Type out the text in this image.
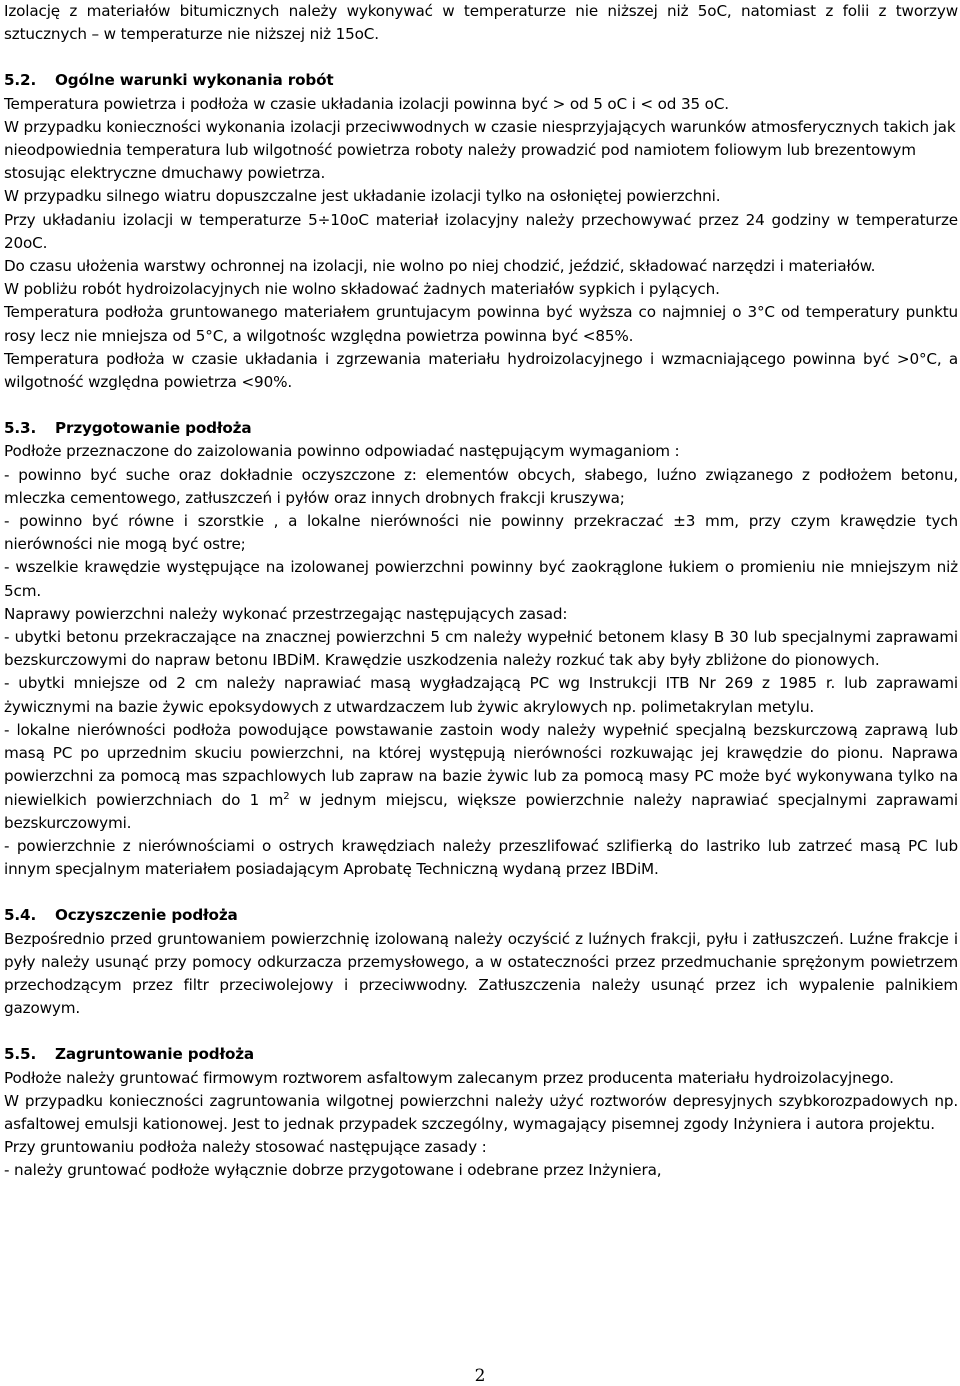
Izolację z materiałów bitumicznych należy wykonywać w temperaturze nie niższej niż 5oC, natomiast z folii z tworzyw sztucznych – w temperaturze nie niższej niż 15oC.

5.2. Ogólne warunki wykonania robót

Temperatura powietrza i podłoża w czasie układania izolacji powinna być > od 5 oC i < od 35 oC.

W przypadku konieczności wykonania izolacji przeciwwodnych w czasie niesprzyjających warunków atmosferycznych takich jak nieodpowiednia temperatura lub wilgotność powietrza roboty należy prowadzić pod namiotem foliowym lub brezentowym stosując elektryczne dmuchawy powietrza.

W przypadku silnego wiatru dopuszczalne jest układanie izolacji tylko na osłoniętej powierzchni.

Przy układaniu izolacji w temperaturze 5÷10oC materiał izolacyjny należy przechowywać przez 24 godziny w temperaturze 20oC.

Do czasu ułożenia warstwy ochronnej na izolacji, nie wolno po niej chodzić, jeździć, składować narzędzi i materiałów.

W pobliżu robót hydroizolacyjnych nie wolno składować żadnych materiałów sypkich i pylących.

Temperatura podłoża gruntowanego materiałem gruntujacym powinna być wyższa co najmniej o 3°C od temperatury punktu rosy lecz nie mniejsza od 5°C, a wilgotnośc względna powietrza powinna być <85%.

Temperatura podłoża w czasie układania i zgrzewania materiału hydroizolacyjnego i wzmacniającego powinna być >0°C, a wilgotność względna powietrza <90%.

5.3. Przygotowanie podłoża

Podłoże przeznaczone do zaizolowania powinno odpowiadać następującym wymaganiom :

- powinno być suche oraz dokładnie oczyszczone z: elementów obcych, słabego, luźno związanego z podłożem betonu, mleczka cementowego, zatłuszczeń i pyłów oraz innych drobnych frakcji kruszywa;

- powinno być równe i szorstkie , a lokalne nierówności nie powinny przekraczać ±3 mm, przy czym krawędzie tych nierówności nie mogą być ostre;

- wszelkie krawędzie występujące na izolowanej powierzchni powinny być zaokrąglone łukiem o promieniu nie mniejszym niż 5cm.

Naprawy powierzchni należy wykonać przestrzegając następujących zasad:

- ubytki betonu przekraczające na znacznej powierzchni 5 cm należy wypełnić betonem klasy B 30 lub specjalnymi zaprawami bezskurczowymi do napraw betonu IBDiM. Krawędzie uszkodzenia należy rozkuć tak aby były zbliżone do pionowych.

- ubytki mniejsze od 2 cm należy naprawiać masą wygładzającą PC wg Instrukcji ITB Nr 269 z 1985 r. lub zaprawami żywicznymi na bazie żywic epoksydowych z utwardzaczem lub żywic akrylowych np. polimetakrylan metylu.

- lokalne nierówności podłoża powodujące powstawanie zastoin wody należy wypełnić specjalną bezskurczową zaprawą lub masą PC po uprzednim skuciu powierzchni, na której występują nierówności rozkuwając jej krawędzie do pionu. Naprawa powierzchni za pomocą mas szpachlowych lub zapraw na bazie żywic lub za pomocą masy PC może być wykonywana tylko na niewielkich powierzchniach do 1 $m^2$ w jednym miejscu, większe powierzchnie należy naprawiać specjalnymi zaprawami bezskurczowymi.

- powierzchnie z nierównościami o ostrych krawędziach należy przeszlifować szlifierką do lastriko lub zatrzeć masą PC lub innym specjalnym materiałem posiadającym Aprobatę Techniczną wydaną przez IBDiM.

5.4. Oczyszczenie podłoża

Bezpośrednio przed gruntowaniem powierzchnię izolowaną należy oczyścić z luźnych frakcji, pyłu i zatłuszczeń. Luźne frakcje i pyły należy usunąć przy pomocy odkurzacza przemysłowego, a w ostateczności przez przedmuchanie sprężonym powietrzem przechodzącym przez filtr przeciwolejowy i przeciwwodny. Zatłuszczenia należy usunąć przez ich wypalenie palnikiem gazowym.

5.5. Zagruntowanie podłoża

Podłoże należy gruntować firmowym roztworem asfaltowym zalecanym przez producenta materiału hydroizolacyjnego.

W przypadku konieczności zagruntowania wilgotnej powierzchni należy użyć roztworów depresyjnych szybkorozpadowych np. asfaltowej emulsji kationowej. Jest to jednak przypadek szczególny, wymagający pisemnej zgody Inżyniera i autora projektu.

Przy gruntowaniu podłoża należy stosować następujące zasady :

- należy gruntować podłoże wyłącznie dobrze przygotowane i odebrane przez Inżyniera,

2
